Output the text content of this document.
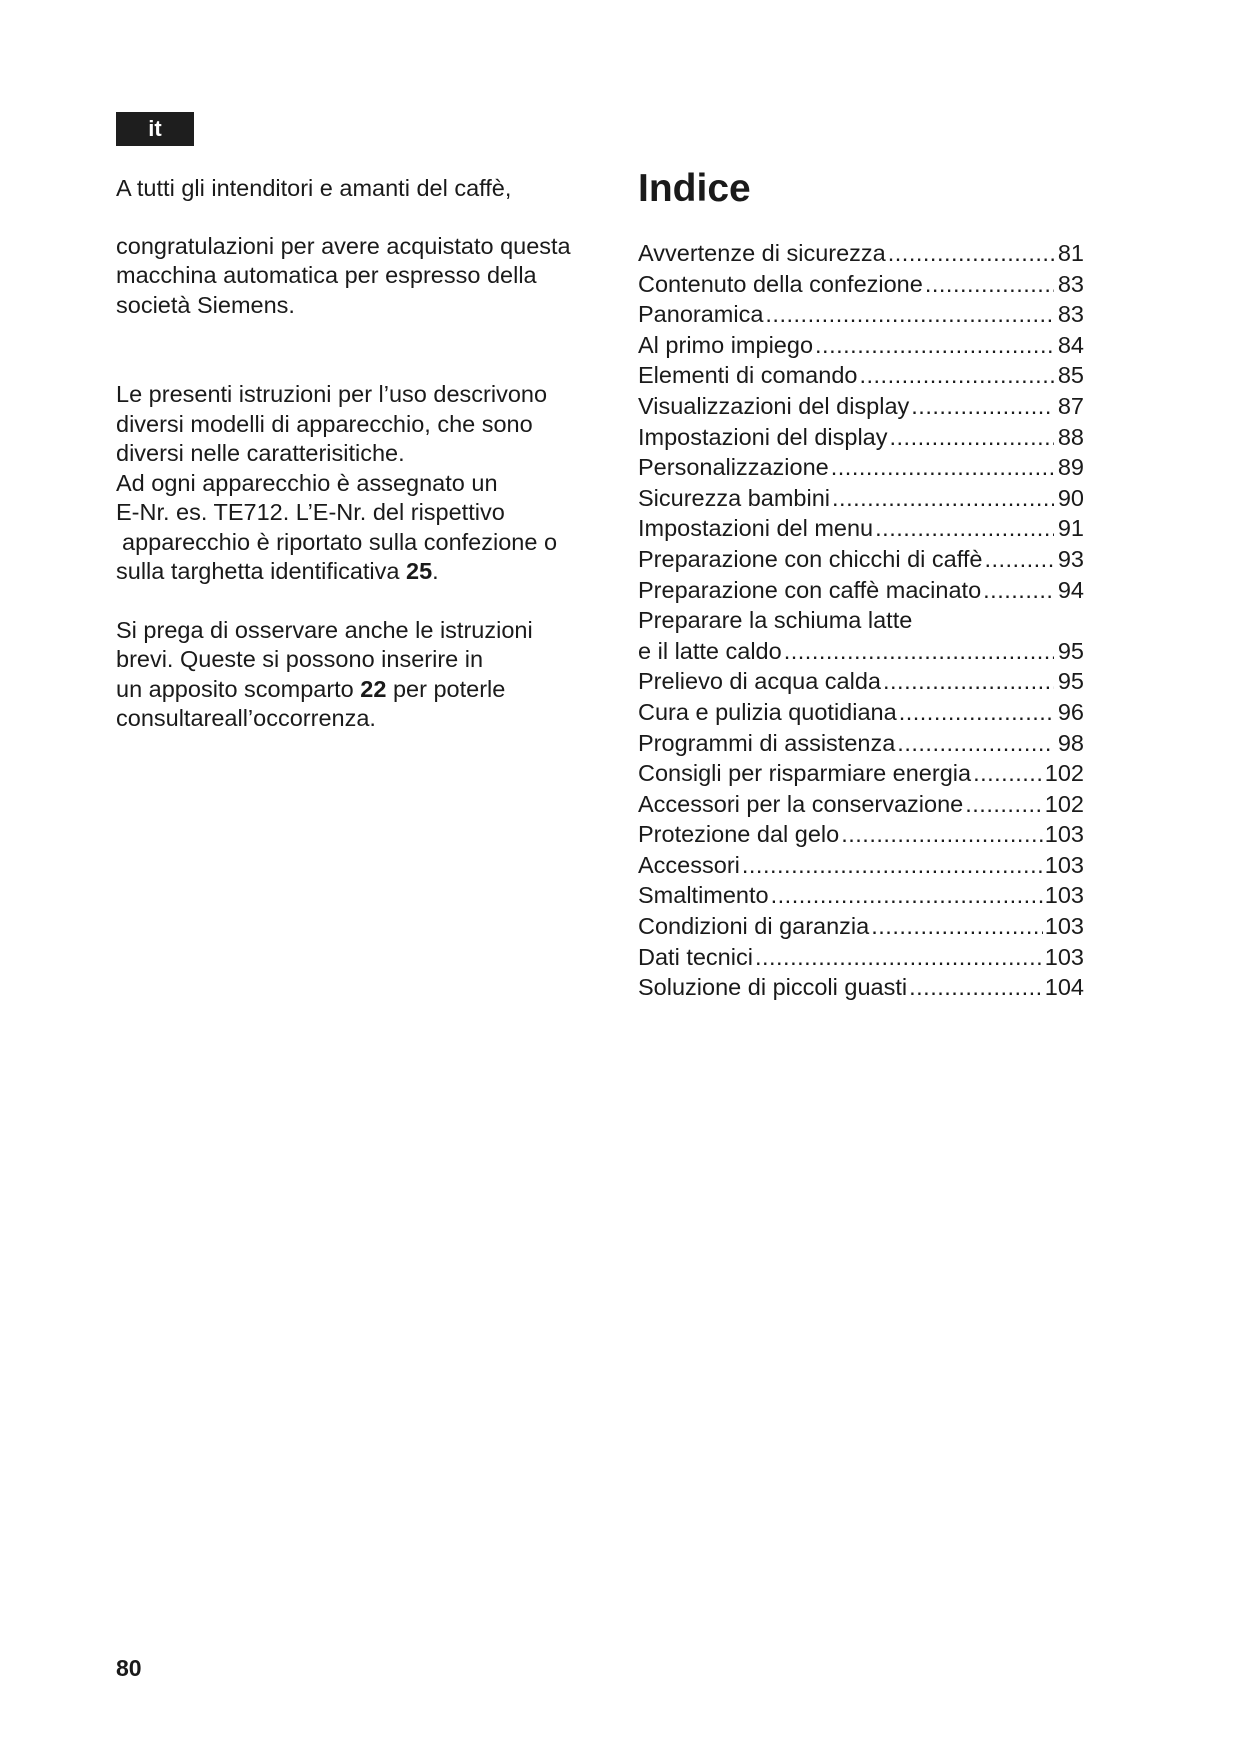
it

A tutti gli intenditori e amanti del caffè,

congratulazioni per avere acquistato questa

macchina automatica per espresso della

società Siemens.

Le presenti istruzioni per l’uso descrivono

diversi modelli di apparecchio, che sono

diversi nelle caratterisitiche.

Ad ogni apparecchio è assegnato un

E-Nr. es. TE712. L’E-Nr. del rispettivo

apparecchio è riportato sulla confezione o

sulla targhetta identificativa 25.

Si prega di osservare anche le istruzioni

brevi. Queste si possono inserire in

un apposito scomparto 22 per poterle

consultareall’occorrenza.

Indice
Avvertenze di sicurezza .....	81
Contenuto della confezione .....	83
Panoramica .....	83
Al primo impiego .....	84
Elementi di comando .....	85
Visualizzazioni del display .....	87
Impostazioni del display .....	88
Personalizzazione .....	89
Sicurezza bambini .....	90
Impostazioni del menu .....	91
Preparazione con chicchi di caffè .....	93
Preparazione con caffè macinato .....	94
Preparare la schiuma latte
e il latte caldo .....	95
Prelievo di acqua calda .....	95
Cura e pulizia quotidiana .....	96
Programmi di assistenza .....	98
Consigli per risparmiare energia .....	102
Accessori per la conservazione .....	102
Protezione dal gelo .....	103
Accessori .....	103
Smaltimento .....	103
Condizioni di garanzia .....	103
Dati tecnici .....	103
Soluzione di piccoli guasti .....	104
80
